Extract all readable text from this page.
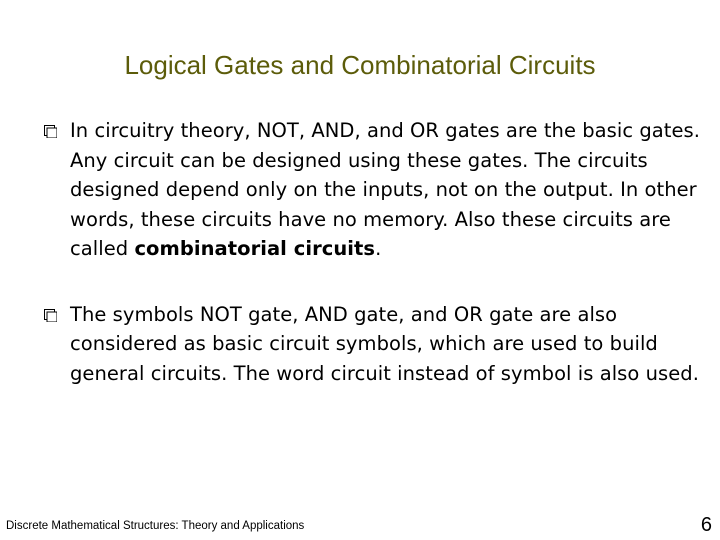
Logical Gates and Combinatorial Circuits
In circuitry theory, NOT, AND, and OR gates are the basic gates. Any circuit can be designed using these gates. The circuits designed depend only on the inputs, not on the output. In other words, these circuits have no memory. Also these circuits are called combinatorial circuits.
The symbols NOT gate, AND gate, and OR gate are also considered as basic circuit symbols, which are used to build general circuits. The word circuit instead of symbol is also used.
Discrete Mathematical Structures: Theory and Applications	6
